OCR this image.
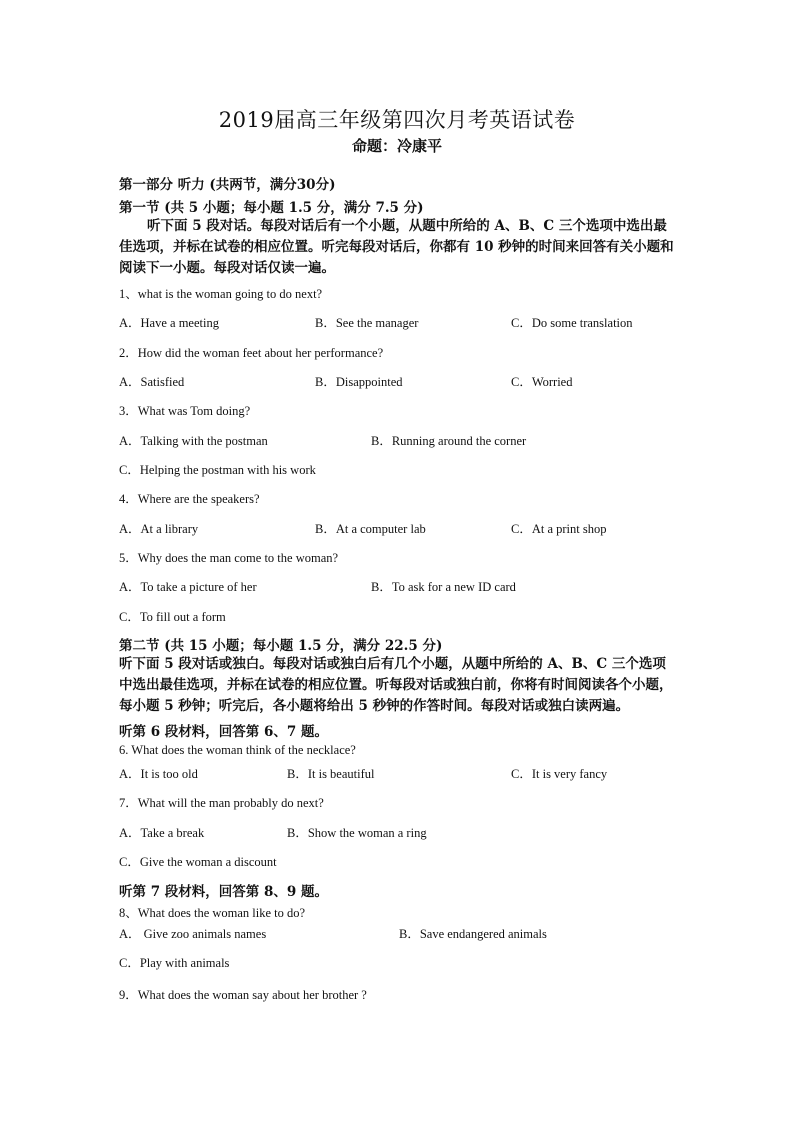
2019届高三年级第四次月考英语试卷
命题：冷康平
第一部分 听力 (共两节，满分30分)
第一节 (共 5 小题；每小题 1.5 分，满分 7.5 分)
听下面 5 段对话。每段对话后有一个小题，从题中所给的 A、B、C 三个选项中选出最佳选项，并标在试卷的相应位置。听完每段对话后，你都有 10 秒钟的时间来回答有关小题和阅读下一小题。每段对话仅读一遍。
1、what is the woman going to do next?
A．Have a meeting	B．See the manager	C．Do some translation
2．How did the woman feet about her performance?
A．Satisfied	B．Disappointed	C．Worried
3．What was Tom doing?
A．Talking with the postman	B．Running around the corner
C．Helping the postman with his work
4．Where are the speakers?
A．At a library	B．At a computer lab	C．At a print shop
5．Why does the man come to the woman?
A．To take a picture of her	B．To ask for a new ID card
C．To fill out a form
第二节 (共 15 小题；每小题 1.5 分，满分 22.5 分)
听下面 5 段对话或独白。每段对话或独白后有几个小题，从题中所给的 A、B、C 三个选项中选出最佳选项，并标在试卷的相应位置。听每段对话或独白前，你将有时间阅读各个小题，每小题 5 秒钟；听完后，各小题将给出 5 秒钟的作答时间。每段对话或独白读两遍。
听第 6 段材料，回答第 6、7 题。
6. What does the woman think of the necklace?
A．It is too old	B．It is beautiful	C．It is very fancy
7．What will the man probably do next?
A．Take a break	B．Show the woman a ring
C．Give the woman a discount
听第 7 段材料，回答第 8、9 题。
8、What does the woman like to do?
A． Give zoo animals names	B．Save endangered animals
C．Play with animals
9．What does the woman say about her brother ?
